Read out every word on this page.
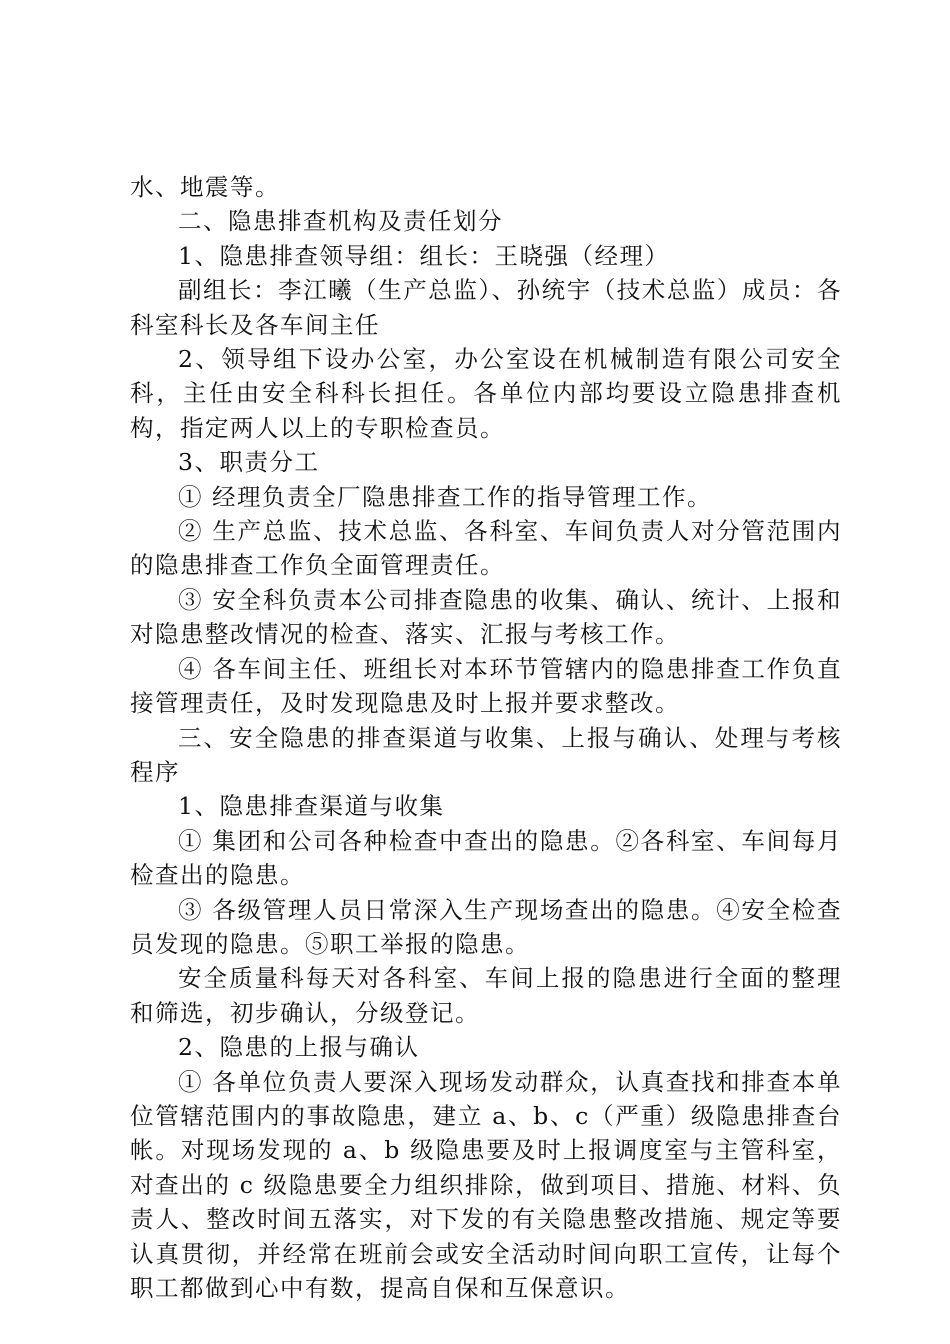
水、地震等。

二、隐患排查机构及责任划分

1、隐患排查领导组：组长：王晓强（经理）

副组长：李江曦（生产总监）、孙统宇（技术总监）成员：各科室科长及各车间主任

2、领导组下设办公室，办公室设在机械制造有限公司安全科，主任由安全科科长担任。各单位内部均要设立隐患排查机构，指定两人以上的专职检查员。

3、职责分工

① 经理负责全厂隐患排查工作的指导管理工作。

② 生产总监、技术总监、各科室、车间负责人对分管范围内的隐患排查工作负全面管理责任。

③ 安全科负责本公司排查隐患的收集、确认、统计、上报和对隐患整改情况的检查、落实、汇报与考核工作。

④ 各车间主任、班组长对本环节管辖内的隐患排查工作负直接管理责任，及时发现隐患及时上报并要求整改。

三、安全隐患的排查渠道与收集、上报与确认、处理与考核程序

1、隐患排查渠道与收集

① 集团和公司各种检查中查出的隐患。②各科室、车间每月检查出的隐患。

③ 各级管理人员日常深入生产现场查出的隐患。④安全检查员发现的隐患。⑤职工举报的隐患。

安全质量科每天对各科室、车间上报的隐患进行全面的整理和筛选，初步确认，分级登记。

2、隐患的上报与确认

① 各单位负责人要深入现场发动群众，认真查找和排查本单位管辖范围内的事故隐患，建立 a、b、c（严重）级隐患排查台帐。对现场发现的 a、b 级隐患要及时上报调度室与主管科室，对查出的 c 级隐患要全力组织排除，做到项目、措施、材料、负责人、整改时间五落实，对下发的有关隐患整改措施、规定等要认真贯彻，并经常在班前会或安全活动时间向职工宣传，让每个职工都做到心中有数，提高自保和互保意识。
